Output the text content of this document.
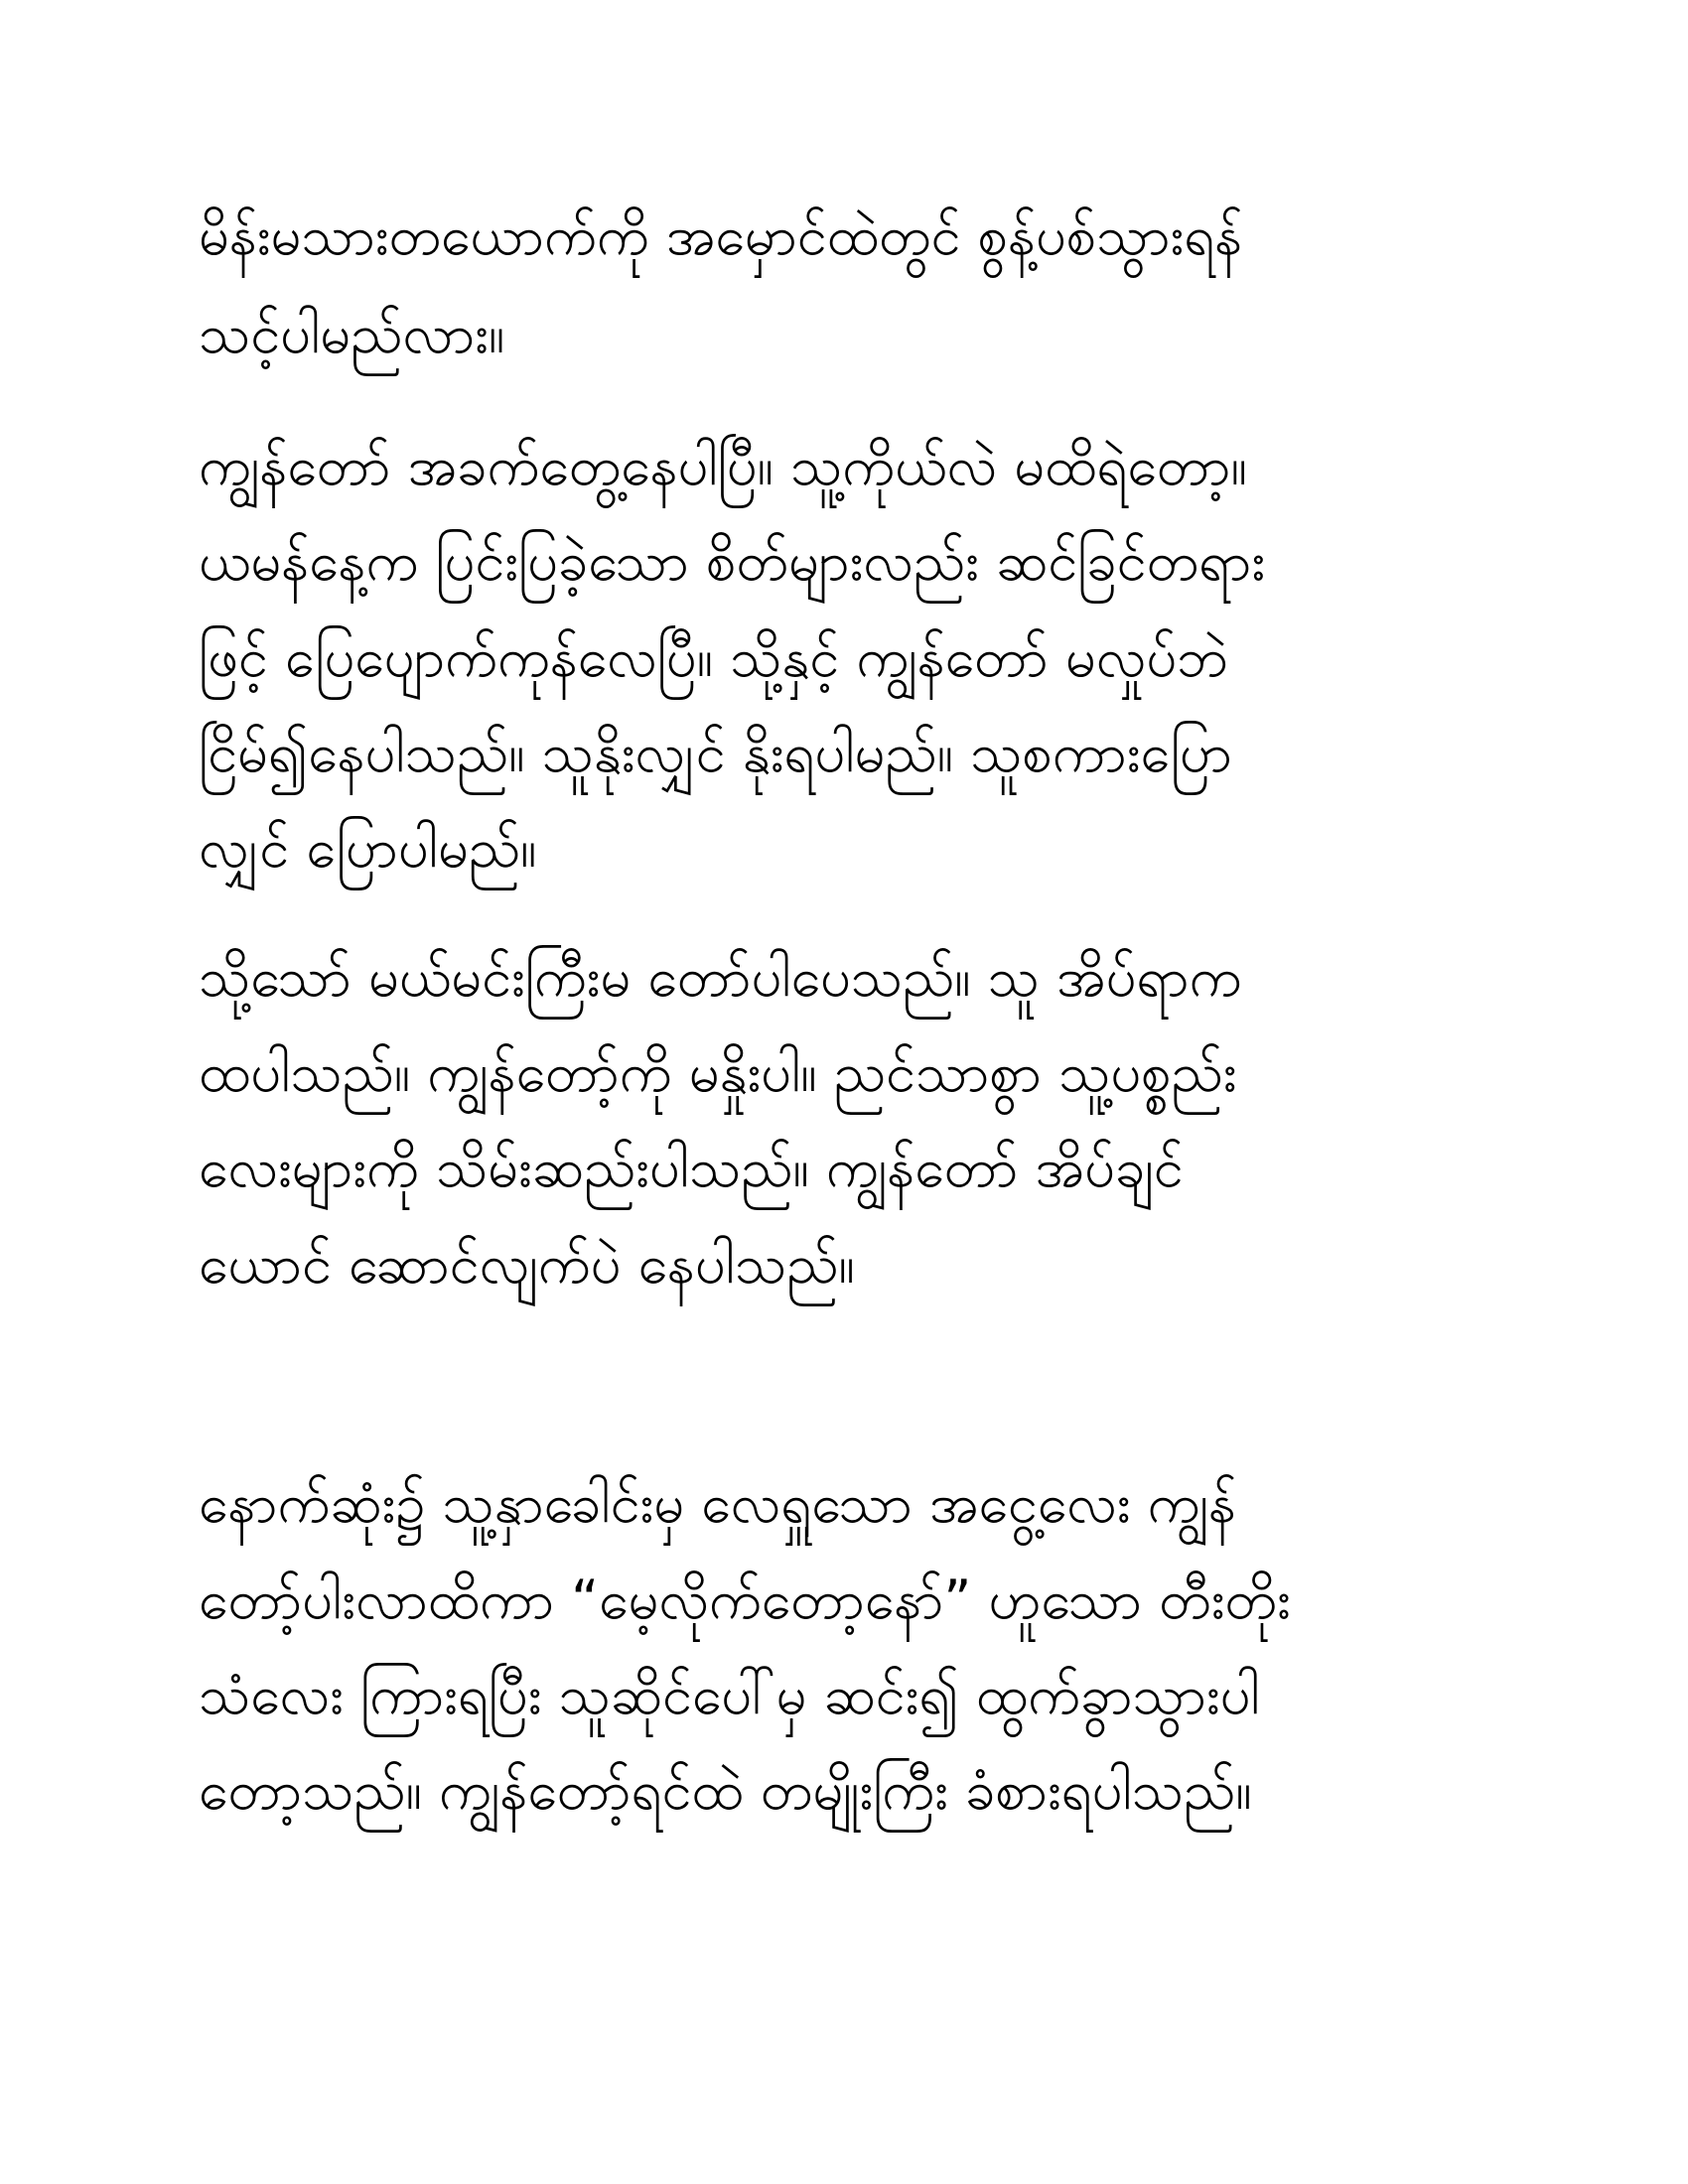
မိန်းမသားတယောက်ကို အမှောင်ထဲတွင် စွန့်ပစ်သွားရန်
သင့်ပါမည်လား။
ကျွန်တော် အခက်တွေ့နေပါပြီ။ သူ့ကိုယ်လဲ မထိရဲတော့။
ယမန်နေ့က ပြင်းပြခဲ့သော စိတ်များလည်း ဆင်ခြင်တရား
ဖြင့် ပြေပျောက်ကုန်လေပြီ။ သို့နှင့် ကျွန်တော် မလှုပ်ဘဲ
ငြိမ်၍နေပါသည်။ သူနိုးလျှင် နိုးရပါမည်။ သူစကားပြော
လျှင် ပြောပါမည်။
သို့သော် မယ်မင်းကြီးမ တော်ပါပေသည်။ သူ အိပ်ရာက
ထပါသည်။ ကျွန်တော့်ကို မနှိုးပါ။ ညင်သာစွာ သူ့ပစ္စည်း
လေးများကို သိမ်းဆည်းပါသည်။ ကျွန်တော် အိပ်ချင်
ယောင် ဆောင်လျက်ပဲ နေပါသည်။
နောက်ဆုံး၌ သူ့နှာခေါင်းမှ လေရှူသော အငွေ့လေး ကျွန်
တော့်ပါးလာထိကာ “မေ့လိုက်တော့နော်” ဟူသော တီးတိုး
သံလေး ကြားရပြီး သူဆိုင်ပေါ်မှ ဆင်း၍ ထွက်ခွာသွားပါ
တော့သည်။ ကျွန်တော့်ရင်ထဲ တမျိုးကြီး ခံစားရပါသည်။
